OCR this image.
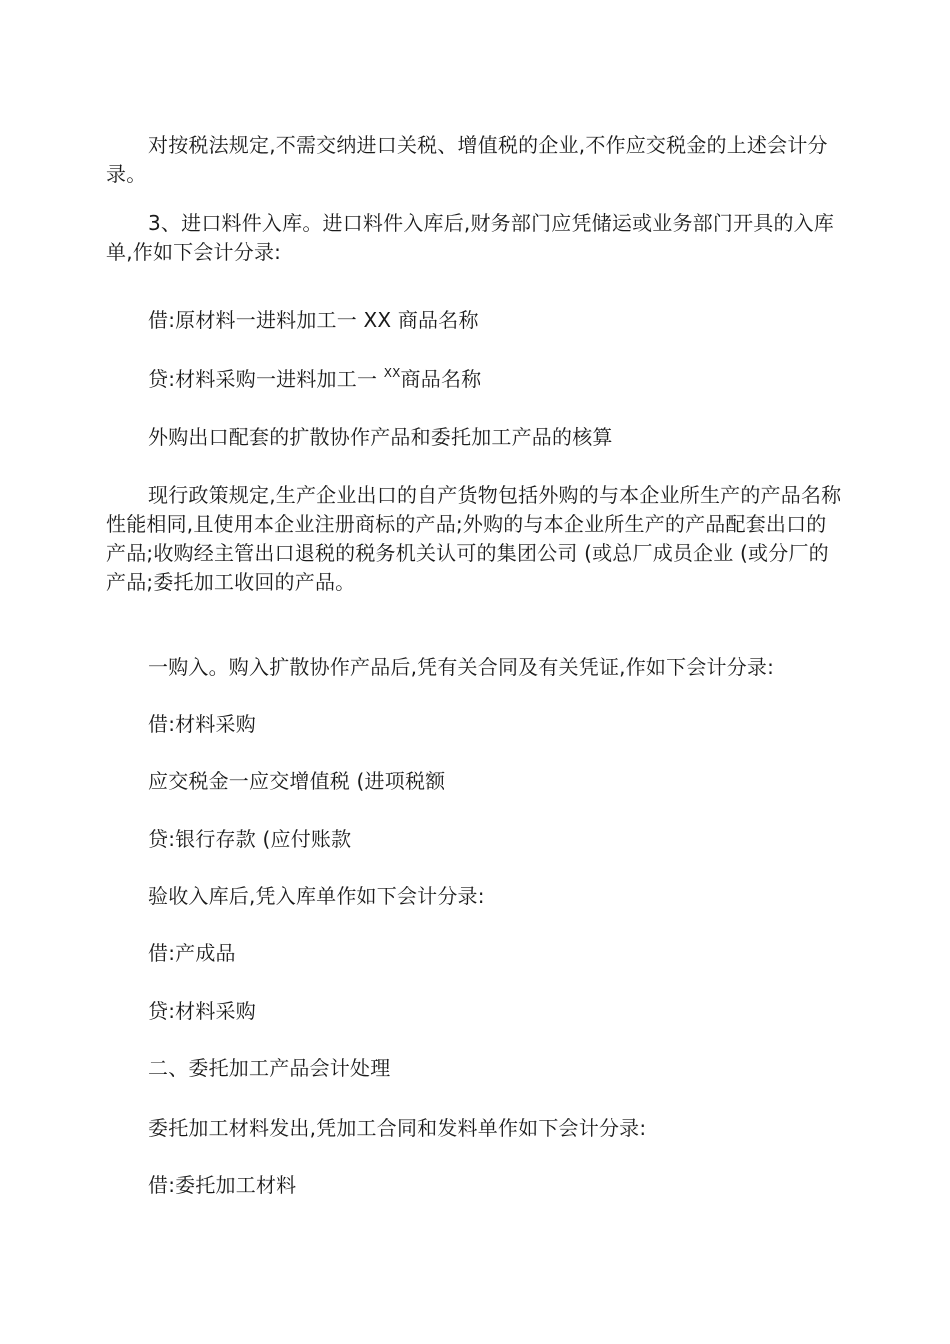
对按税法规定,不需交纳进口关税、增值税的企业,不作应交税金的上述会计分录。

3、进口料件入库。进口料件入库后,财务部门应凭储运或业务部门开具的入库单,作如下会计分录:

借:原材料一进料加工一 XX 商品名称

贷:材料采购一进料加工一 $^{XX}$商品名称

外购出口配套的扩散协作产品和委托加工产品的核算

现行政策规定,生产企业出口的自产货物包括外购的与本企业所生产的产品名称性能相同,且使用本企业注册商标的产品;外购的与本企业所生产的产品配套出口的产品;收购经主管出口退税的税务机关认可的集团公司 (或总厂成员企业 (或分厂的产品;委托加工收回的产品。

一购入。购入扩散协作产品后,凭有关合同及有关凭证,作如下会计分录:

借:材料采购

应交税金一应交增值税 (进项税额

贷:银行存款 (应付账款

验收入库后,凭入库单作如下会计分录:

借:产成品

贷:材料采购

二、委托加工产品会计处理

委托加工材料发出,凭加工合同和发料单作如下会计分录:

借:委托加工材料
